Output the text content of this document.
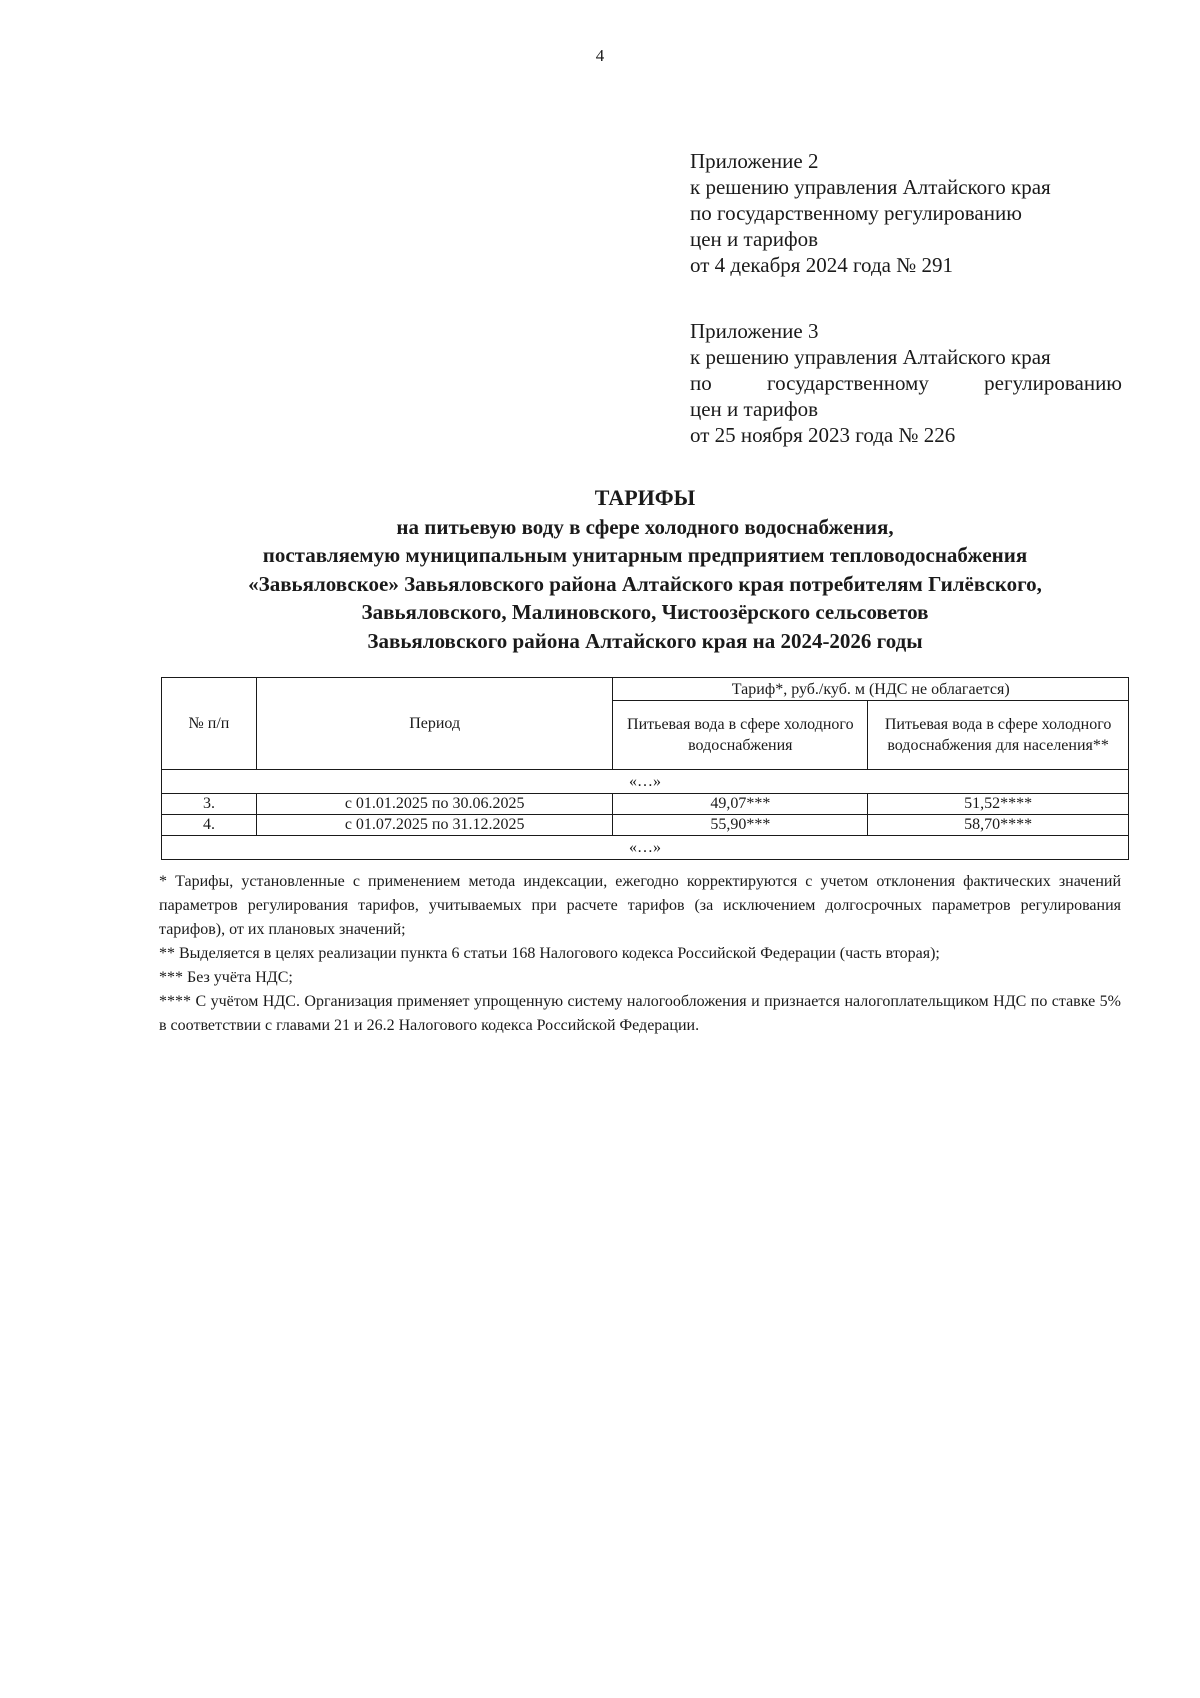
4
Приложение 2
к решению управления Алтайского края
по государственному регулированию
цен и тарифов
от 4 декабря 2024 года № 291
Приложение 3
к решению управления Алтайского края
по	государственному	регулированию
цен и тарифов
от 25 ноября 2023 года № 226
ТАРИФЫ
на питьевую воду в сфере холодного водоснабжения,
поставляемую муниципальным унитарным предприятием тепловодоснабжения
«Завьяловское» Завьяловского района Алтайского края потребителям Гилёвского,
Завьяловского, Малиновского, Чистоозёрского сельсоветов
Завьяловского района Алтайского края на 2024-2026 годы
№ п/п	Период	Тариф*, руб./куб. м (НДС не облагается)	
		Питьевая вода в сфере холодного водоснабжения	Питьевая вода в сфере холодного водоснабжения для населения**
«…»			
3.	с 01.01.2025 по 30.06.2025	49,07***	51,52****
4.	с 01.07.2025 по 31.12.2025	55,90***	58,70****
«…»			

* Тарифы, установленные с применением метода индексации, ежегодно корректируются с учетом отклонения фактических значений параметров регулирования тарифов, учитываемых при расчете тарифов (за исключением долгосрочных параметров регулирования тарифов), от их плановых значений;

** Выделяется в целях реализации пункта 6 статьи 168 Налогового кодекса Российской Федерации (часть вторая);

*** Без учёта НДС;

**** С учётом НДС. Организация применяет упрощенную систему налогообложения и признается налогоплательщиком НДС по ставке 5% в соответствии с главами 21 и 26.2 Налогового кодекса Российской Федерации.
